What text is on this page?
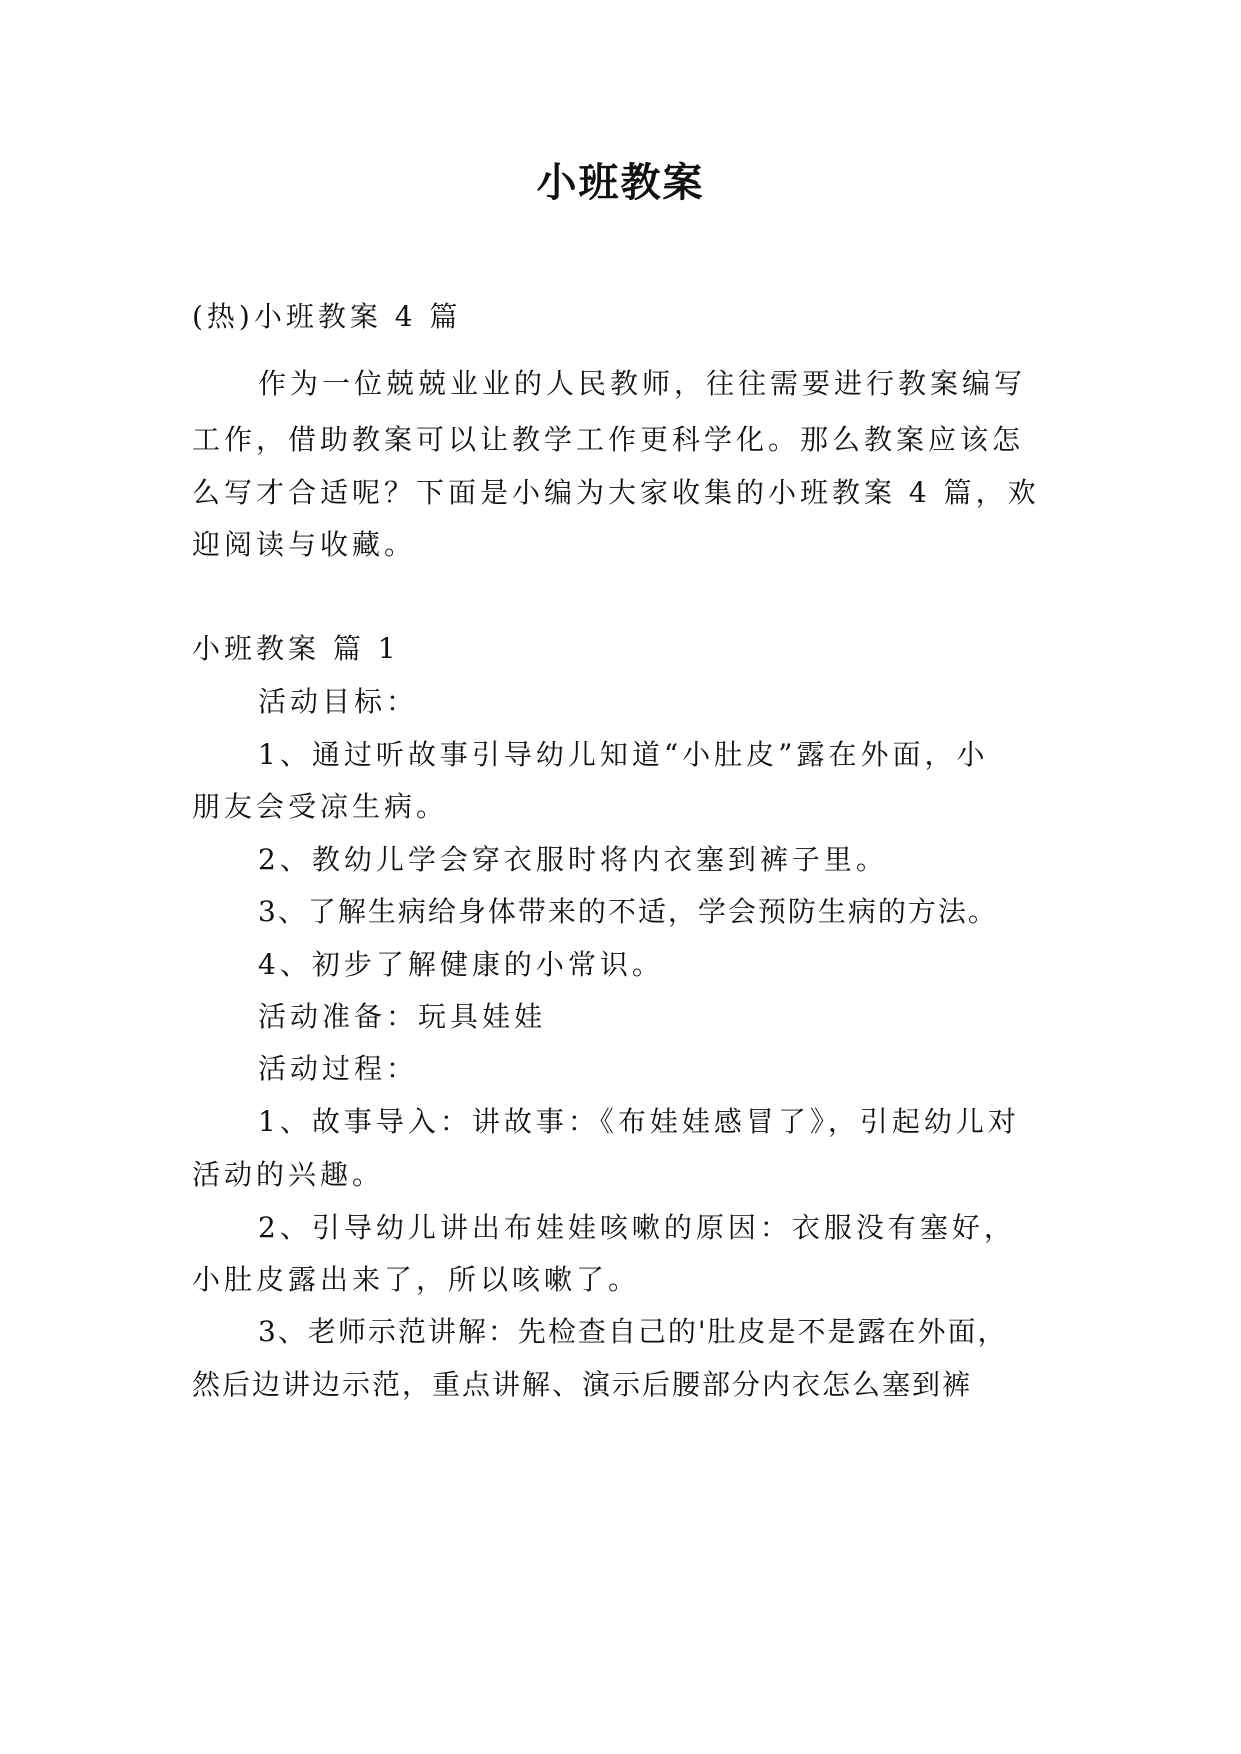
小班教案
(热)小班教案 4 篇
作为一位兢兢业业的人民教师，往往需要进行教案编写
工作，借助教案可以让教学工作更科学化。那么教案应该怎
么写才合适呢？下面是小编为大家收集的小班教案 4 篇，欢
迎阅读与收藏。
小班教案 篇 1
活动目标：
1、通过听故事引导幼儿知道“小肚皮”露在外面，小
朋友会受凉生病。
2、教幼儿学会穿衣服时将内衣塞到裤子里。
3、了解生病给身体带来的不适，学会预防生病的方法。
4、初步了解健康的小常识。
活动准备：玩具娃娃
活动过程：
1、故事导入：讲故事：《布娃娃感冒了》，引起幼儿对
活动的兴趣。
2、引导幼儿讲出布娃娃咳嗽的原因：衣服没有塞好，
小肚皮露出来了，所以咳嗽了。
3、老师示范讲解：先检查自己的'肚皮是不是露在外面，
然后边讲边示范，重点讲解、演示后腰部分内衣怎么塞到裤
